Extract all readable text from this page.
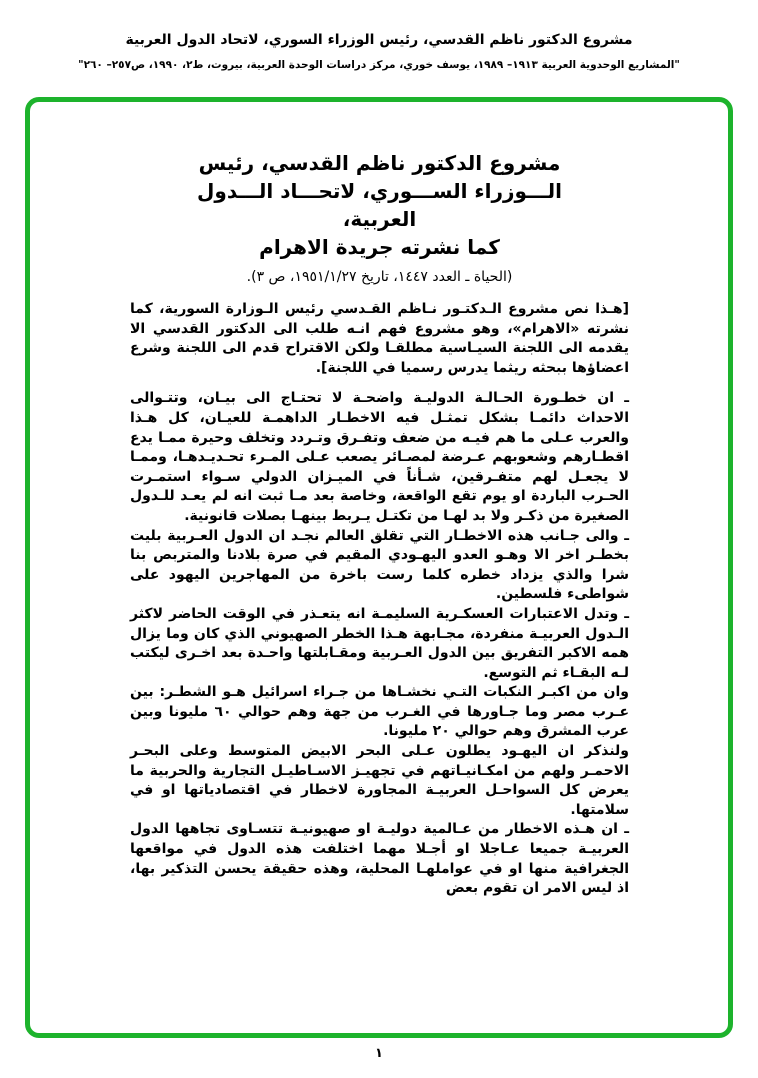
مشروع الدكتور ناظم القدسي، رئيس الوزراء السوري، لاتحاد الدول العربية
"المشاريع الوحدوية العربية ١٩١٣– ١٩٨٩، يوسف خوري، مركز دراسات الوحدة العربية، بيروت، ط٢، ١٩٩٠، ص٢٥٧– ٢٦٠"
مشروع الدكتور ناظم القدسي، رئيس
الـــوزراء الســـوري، لاتحـــاد الـــدول
العربية،
كما نشرته جريدة الاهرام
(الحياة ـ العدد ١٤٤٧، تاريخ ١٩٥١/١/٢٧، ص ٣).

[هـذا نص مشروع الـدكتـور نـاظم القـدسي رئيس الـوزارة السورية، كما نشرته «الاهرام»، وهو مشروع فهم انـه طلب الى الدكتور القدسي الا يقدمه الى اللجنة السيـاسية مطلقـا ولكن الاقتراح قدم الى اللجنة وشرع اعضاؤها ببحثه ريثما يدرس رسميا في اللجنة].

ـ ان خطـورة الحـالـة الدوليـة واضحـة لا تحتـاج الى بيـان، وتتـوالى الاحداث دائمـا بشكل تمثـل فيه الاخطـار الداهمـة للعيـان، كل هـذا والعرب عـلى ما هم فيـه من ضعف وتفـرق وتـردد وتخلف وحيرة ممـا يدع اقطـارهم وشعوبهم عـرضة لمصـائر يصعب عـلى المـرء تحـديـدهـا، وممـا لا يجعـل لهم متفـرقين، شـأناً في الميـزان الدولي سـواء استمـرت الحـرب الباردة او يوم تقع الواقعة، وخاصة بعد مـا ثبت انه لم يعـد للـدول الصغيرة من ذكـر ولا بد لهـا من تكتـل يـربط بينهـا بصلات قانونية.

ـ والى جـانب هذه الاخطـار التي تقلق العالم نجـد ان الدول العـربية بليت بخطـر اخر الا وهـو العدو اليهـودي المقيم في صرة بلادنا والمتربص بنا شرا والذي يزداد خطره كلما رست باخرة من المهاجرين اليهود على شواطىء فلسطين.

ـ وتدل الاعتبارات العسكـرية السليمـة انه يتعـذر في الوقت الحاضر لاكثر الـدول العربيـة منفردة، مجـابهة هـذا الخطر الصهيوني الذي كان وما يزال همه الاكبر التفريق بين الدول العـربية ومقـابلتها واحـدة بعد اخـرى ليكتب لـه البقـاء ثم التوسع.

وان من اكبـر النكبات التـي نخشـاها من جـراء اسرائيل هـو الشطـر: بين عـرب مصر وما جـاورها في الغـرب من جهة وهم حوالي ٦٠ مليونا وبين عرب المشرق وهم حوالي ٢٠ مليونا.

ولنذكر ان اليهـود يطلون عـلى البحر الابيض المتوسط وعلى البحـر الاحمـر ولهم من امكـانيـاتهم في تجهيـز الاسـاطيـل التجارية والحربية ما يعرض كل السواحـل العربيـة المجاورة لاخطار في اقتصادياتها او في سلامتها.

ـ ان هـذه الاخطار من عـالمية دوليـة او صهيونيـة تتسـاوى تجاهها الدول العربيـة جميعا عـاجلا او أجـلا مهما اختلفت هذه الدول في مواقعها الجغرافية منها او في عواملهـا المحلية، وهذه حقيقة يحسن التذكير بها، اذ ليس الامر ان تقوم بعض

١
